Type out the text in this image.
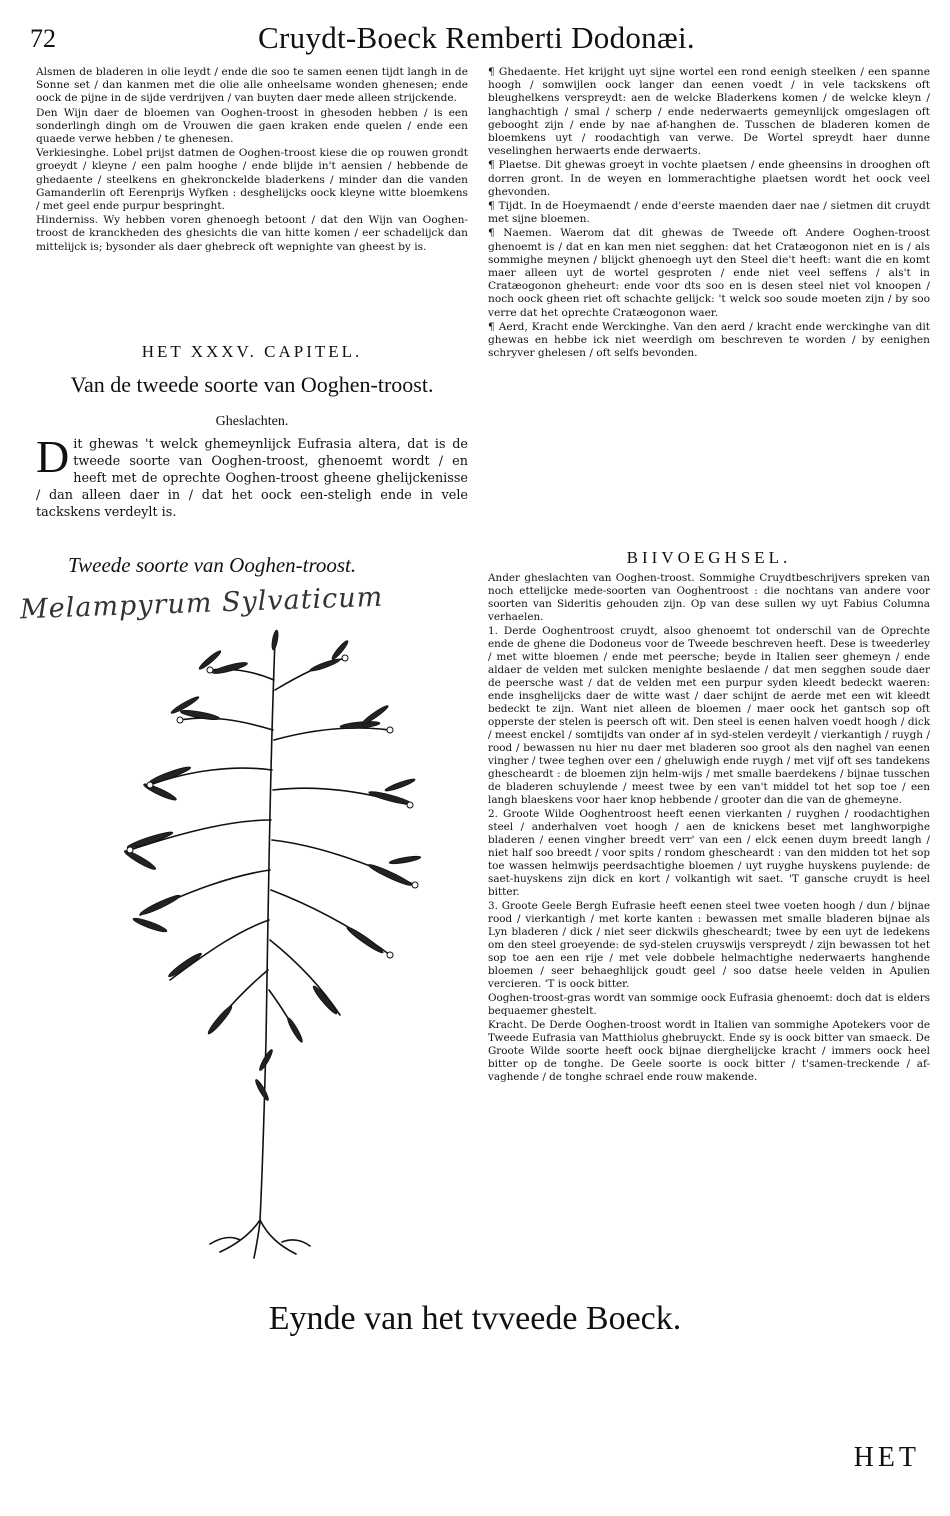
72	Cruydt-Boeck Remberti Dodonæi.

Alsmen de bladeren in olie leydt / ende die soo te samen eenen tijdt langh in de Sonne set / dan kanmen met die olie alle onheelsame wonden ghenesen; ende oock de pijne in de sijde verdrijven / van buyten daer mede alleen strijckende.

Den Wijn daer de bloemen van Ooghen-troost in ghesoden hebben / is een sonderlingh dingh om de Vrouwen die gaen kraken ende quelen / ende een quaede verwe hebben / te ghenesen.

Verkiesinghe. Lobel prijst datmen de Ooghen-troost kiese die op rouwen grondt groeydt / kleyne / een palm hooghe / ende blijde in't aensien / hebbende de ghedaente / steelkens en ghekronckelde bladerkens / minder dan die vanden Gamanderlin oft Eerenprijs Wyfken : desghelijcks oock kleyne witte bloemkens / met geel ende purpur bespringht.

Hinderniss. Wy hebben voren ghenoegh betoont / dat den Wijn van Ooghen-troost de kranckheden des ghesichts die van hitte komen / eer schadelijck dan mittelijck is; bysonder als daer ghebreck oft wepnighte van gheest by is.

HET XXXV. CAPITEL.
Van de tweede soorte van Ooghen-troost.
Gheslachten.
D it ghewas 't welck ghemeynlijck Eufrasia altera, dat is de tweede soorte van Ooghen-troost, ghenoemt wordt / en heeft met de oprechte Ooghen-troost gheene ghelijckenisse / dan alleen daer in / dat het oock een-steligh ende in vele tackskens verdeylt is.
Tweede soorte van Ooghen-troost.
Melampyrum Sylvaticum

¶ Ghedaente. Het krijght uyt sijne wortel een rond eenigh steelken / een spanne hoogh / somwijlen oock langer dan eenen voedt / in vele tackskens oft bleughelkens verspreydt: aen de welcke Bladerkens komen / de welcke kleyn / langhachtigh / smal / scherp / ende nederwaerts gemeynlijck omgeslagen oft gebooght zijn / ende by nae af-hanghen de. Tusschen de bladeren komen de bloemkens uyt / roodachtigh van verwe. De Wortel spreydt haer dunne veselinghen herwaerts ende derwaerts.

¶ Plaetse. Dit ghewas groeyt in vochte plaetsen / ende gheensins in drooghen oft dorren gront. In de weyen en lommerachtighe plaetsen wordt het oock veel ghevonden.

¶ Tijdt. In de Hoeymaendt / ende d'eerste maenden daer nae / sietmen dit cruydt met sijne bloemen.

¶ Naemen. Waerom dat dit ghewas de Tweede oft Andere Ooghen-troost ghenoemt is / dat en kan men niet segghen: dat het Cratæogonon niet en is / als sommighe meynen / blijckt ghenoegh uyt den Steel die't heeft: want die en komt maer alleen uyt de wortel gesproten / ende niet veel seffens / als't in Cratæogonon gheheurt: ende voor dts soo en is desen steel niet vol knoopen / noch oock gheen riet oft schachte gelijck: 't welck soo soude moeten zijn / by soo verre dat het oprechte Cratæogonon waer.

¶ Aerd, Kracht ende Werckinghe. Van den aerd / kracht ende werckinghe van dit ghewas en hebbe ick niet weerdigh om beschreven te worden / by eenighen schryver ghelesen / oft selfs bevonden.

BIIVOEGHSEL.

Ander gheslachten van Ooghen-troost. Sommighe Cruydtbeschrijvers spreken van noch ettelijcke mede-soorten van Ooghentroost : die nochtans van andere voor soorten van Sideritis gehouden zijn. Op van dese sullen wy uyt Fabius Columna verhaelen.

1. Derde Ooghentroost cruydt, alsoo ghenoemt tot onderschil van de Oprechte ende de ghene die Dodoneus voor de Tweede beschreven heeft. Dese is tweederley / met witte bloemen / ende met peersche; beyde in Italien seer ghemeyn / ende aldaer de velden met sulcken menighte beslaende / dat men segghen soude daer de peersche wast / dat de velden met een purpur syden kleedt bedeckt waeren: ende insghelijcks daer de witte wast / daer schijnt de aerde met een wit kleedt bedeckt te zijn. Want niet alleen de bloemen / maer oock het gantsch sop oft opperste der stelen is peersch oft wit. Den steel is eenen halven voedt hoogh / dick / meest enckel / somtijdts van onder af in syd-stelen verdeylt / vierkantigh / ruygh / rood / bewassen nu hier nu daer met bladeren soo groot als den naghel van eenen vingher / twee teghen over een / gheluwigh ende ruygh / met vijf oft ses tandekens ghescheardt : de bloemen zijn helm-wijs / met smalle baerdekens / bijnae tusschen de bladeren schuylende / meest twee by een van't middel tot het sop toe / een langh blaeskens voor haer knop hebbende / grooter dan die van de ghemeyne.

2. Groote Wilde Ooghentroost heeft eenen vierkanten / ruyghen / roodachtighen steel / anderhalven voet hoogh / aen de knickens beset met langhworpighe bladeren / eenen vingher breedt verr' van een / elck eenen duym breedt langh / niet half soo breedt / voor spits / rondom ghescheardt : van den midden tot het sop toe wassen helmwijs peerdsachtighe bloemen / uyt ruyghe huyskens puylende: de saet-huyskens zijn dick en kort / volkantigh wit saet. 'T gansche cruydt is heel bitter.

3. Groote Geele Bergh Eufrasie heeft eenen steel twee voeten hoogh / dun / bijnae rood / vierkantigh / met korte kanten : bewassen met smalle bladeren bijnae als Lyn bladeren / dick / niet seer dickwils ghescheardt; twee by een uyt de ledekens om den steel groeyende: de syd-stelen cruyswijs verspreydt / zijn bewassen tot het sop toe aen een rije / met vele dobbele helmachtighe nederwaerts hanghende bloemen / seer behaeghlijck goudt geel / soo datse heele velden in Apulien vercieren. 'T is oock bitter.

Ooghen-troost-gras wordt van sommige oock Eufrasia ghenoemt: doch dat is elders bequaemer ghestelt.

Kracht. De Derde Ooghen-troost wordt in Italien van sommighe Apotekers voor de Tweede Eufrasia van Matthiolus ghebruyckt. Ende sy is oock bitter van smaeck. De Groote Wilde soorte heeft oock bijnae dierghelijcke kracht / immers oock heel bitter op de tonghe. De Geele soorte is oock bitter / t'samen-treckende / af-vaghende / de tonghe schrael ende rouw makende.

Eynde van het tvveede Boeck.
HET
